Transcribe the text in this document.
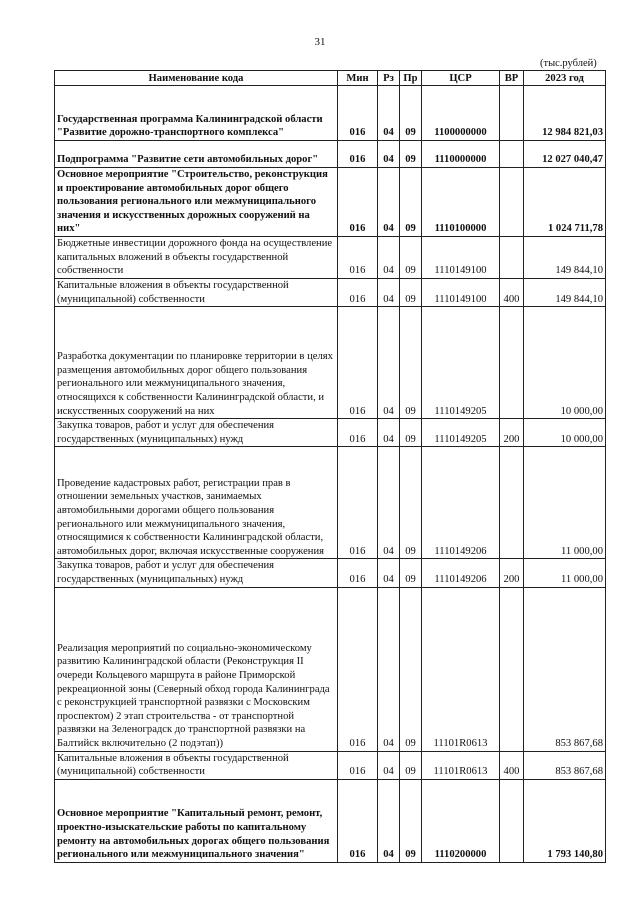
31
(тыс.рублей)
Наименование кода	Мин	Рз	Пр	ЦСР	ВР	2023 год
Государственная программа Калининградской области "Развитие дорожно-транспортного комплекса"	016	04	09	1100000000		12 984 821,03
Подпрограмма "Развитие сети автомобильных дорог"	016	04	09	1110000000		12 027 040,47
Основное мероприятие "Строительство, реконструкция и проектирование автомобильных дорог общего пользования регионального или межмуниципального значения и искусственных дорожных сооружений на них"	016	04	09	1110100000		1 024 711,78
Бюджетные инвестиции дорожного фонда на осуществление капитальных вложений в объекты государственной собственности	016	04	09	1110149100		149 844,10
Капитальные вложения в объекты государственной (муниципальной) собственности	016	04	09	1110149100	400	149 844,10
Разработка документации по планировке территории в целях размещения автомобильных дорог общего пользования регионального или межмуниципального значения, относящихся к собственности Калининградской области, и искусственных сооружений на них	016	04	09	1110149205		10 000,00
Закупка товаров, работ и услуг для обеспечения государственных (муниципальных) нужд	016	04	09	1110149205	200	10 000,00
Проведение кадастровых работ, регистрации прав в отношении земельных участков, занимаемых автомобильными дорогами общего пользования регионального или межмуниципального значения, относящимися к собственности Калининградской области, автомобильных дорог, включая искусственные сооружения	016	04	09	1110149206		11 000,00
Закупка товаров, работ и услуг для обеспечения государственных (муниципальных) нужд	016	04	09	1110149206	200	11 000,00
Реализация мероприятий по социально-экономическому развитию Калининградской области (Реконструкция II очереди Кольцевого маршрута в районе Приморской рекреационной зоны (Северный обход города Калининграда с реконструкцией транспортной развязки с Московским проспектом) 2 этап строительства - от транспортной развязки на Зеленоградск до транспортной развязки на Балтийск включительно (2 подэтап))	016	04	09	11101R0613		853 867,68
Капитальные вложения в объекты государственной (муниципальной) собственности	016	04	09	11101R0613	400	853 867,68
Основное мероприятие "Капитальный ремонт, ремонт, проектно-изыскательские работы по капитальному ремонту на автомобильных дорогах общего пользования регионального или межмуниципального значения"	016	04	09	1110200000		1 793 140,80
